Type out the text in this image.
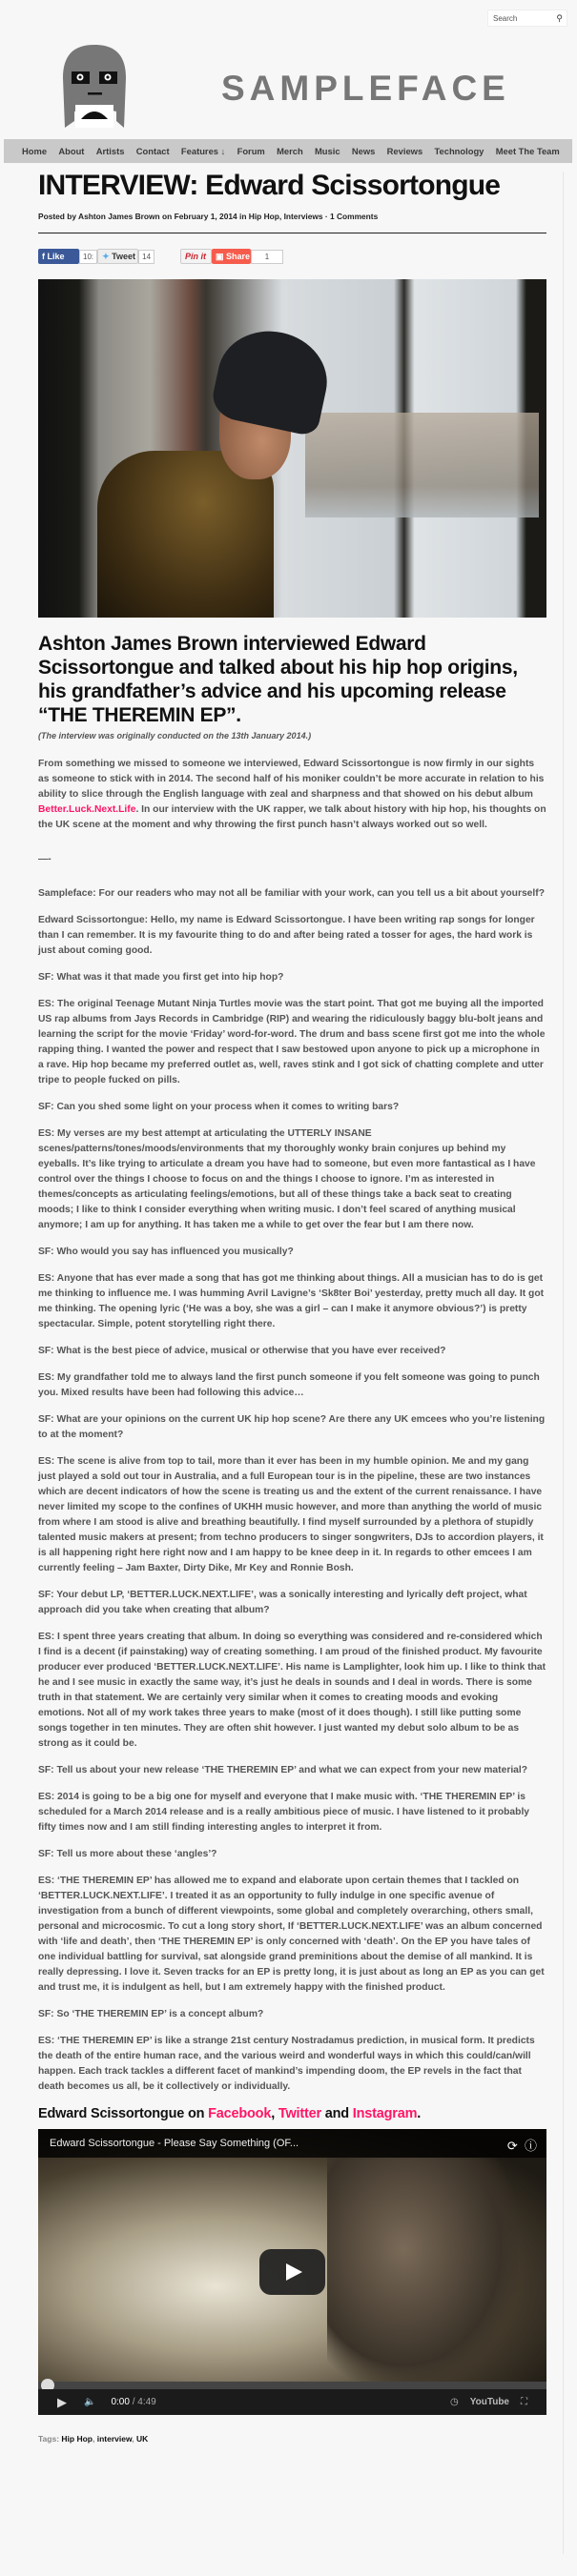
Search	⚲
SAMPLEFACE
Home About Artists Contact Features ↓ Forum Merch Music News Reviews Technology Meet The Team
INTERVIEW: Edward Scissortongue
Posted by Ashton James Brown on February 1, 2014 in Hip Hop, Interviews · 1 Comments
f Like	10:	✦ Tweet 14	Pin it	▣ Share	1
Ashton James Brown interviewed Edward Scissortongue and talked about his hip hop origins, his grandfather’s advice and his upcoming release “THE THEREMIN EP”.
(The interview was originally conducted on the 13th January 2014.)

From something we missed to someone we interviewed, Edward Scissortongue is now firmly in our sights as someone to stick with in 2014. The second half of his moniker couldn’t be more accurate in relation to his ability to slice through the English language with zeal and sharpness and that showed on his debut album Better.Luck.Next.Life. In our interview with the UK rapper, we talk about history with hip hop, his thoughts on the UK scene at the moment and why throwing the first punch hasn’t always worked out so well.

—-

Sampleface: For our readers who may not all be familiar with your work, can you tell us a bit about yourself?

Edward Scissortongue: Hello, my name is Edward Scissortongue. I have been writing rap songs for longer than I can remember. It is my favourite thing to do and after being rated a tosser for ages, the hard work is just about coming good.

SF: What was it that made you first get into hip hop?

ES: The original Teenage Mutant Ninja Turtles movie was the start point. That got me buying all the imported US rap albums from Jays Records in Cambridge (RIP) and wearing the ridiculously baggy blu-bolt jeans and learning the script for the movie ‘Friday’ word-for-word. The drum and bass scene first got me into the whole rapping thing. I wanted the power and respect that I saw bestowed upon anyone to pick up a microphone in a rave. Hip hop became my preferred outlet as, well, raves stink and I got sick of chatting complete and utter tripe to people fucked on pills.

SF: Can you shed some light on your process when it comes to writing bars?

ES: My verses are my best attempt at articulating the UTTERLY INSANE scenes/patterns/tones/moods/environments that my thoroughly wonky brain conjures up behind my eyeballs. It’s like trying to articulate a dream you have had to someone, but even more fantastical as I have control over the things I choose to focus on and the things I choose to ignore. I’m as interested in themes/concepts as articulating feelings/emotions, but all of these things take a back seat to creating moods; I like to think I consider everything when writing music. I don’t feel scared of anything musical anymore; I am up for anything. It has taken me a while to get over the fear but I am there now.

SF: Who would you say has influenced you musically?

ES: Anyone that has ever made a song that has got me thinking about things. All a musician has to do is get me thinking to influence me. I was humming Avril Lavigne’s ‘Sk8ter Boi’ yesterday, pretty much all day. It got me thinking. The opening lyric (‘He was a boy, she was a girl – can I make it anymore obvious?’) is pretty spectacular. Simple, potent storytelling right there.

SF: What is the best piece of advice, musical or otherwise that you have ever received?

ES: My grandfather told me to always land the first punch someone if you felt someone was going to punch you. Mixed results have been had following this advice…

SF: What are your opinions on the current UK hip hop scene? Are there any UK emcees who you’re listening to at the moment?

ES: The scene is alive from top to tail, more than it ever has been in my humble opinion. Me and my gang just played a sold out tour in Australia, and a full European tour is in the pipeline, these are two instances which are decent indicators of how the scene is treating us and the extent of the current renaissance. I have never limited my scope to the confines of UKHH music however, and more than anything the world of music from where I am stood is alive and breathing beautifully. I find myself surrounded by a plethora of stupidly talented music makers at present; from techno producers to singer songwriters, DJs to accordion players, it is all happening right here right now and I am happy to be knee deep in it. In regards to other emcees I am currently feeling – Jam Baxter, Dirty Dike, Mr Key and Ronnie Bosh.

SF: Your debut LP, ‘BETTER.LUCK.NEXT.LIFE’, was a sonically interesting and lyrically deft project, what approach did you take when creating that album?

ES: I spent three years creating that album. In doing so everything was considered and re-considered which I find is a decent (if painstaking) way of creating something. I am proud of the finished product. My favourite producer ever produced ‘BETTER.LUCK.NEXT.LIFE’. His name is Lamplighter, look him up. I like to think that he and I see music in exactly the same way, it’s just he deals in sounds and I deal in words. There is some truth in that statement. We are certainly very similar when it comes to creating moods and evoking emotions. Not all of my work takes three years to make (most of it does though). I still like putting some songs together in ten minutes. They are often shit however. I just wanted my debut solo album to be as strong as it could be.

SF: Tell us about your new release ‘THE THEREMIN EP’ and what we can expect from your new material?

ES: 2014 is going to be a big one for myself and everyone that I make music with. ‘THE THEREMIN EP’ is scheduled for a March 2014 release and is a really ambitious piece of music. I have listened to it probably fifty times now and I am still finding interesting angles to interpret it from.

SF: Tell us more about these ‘angles’?

ES: ‘THE THEREMIN EP’ has allowed me to expand and elaborate upon certain themes that I tackled on ‘BETTER.LUCK.NEXT.LIFE’. I treated it as an opportunity to fully indulge in one specific avenue of investigation from a bunch of different viewpoints, some global and completely overarching, others small, personal and microcosmic. To cut a long story short, If ‘BETTER.LUCK.NEXT.LIFE’ was an album concerned with ‘life and death’, then ‘THE THEREMIN EP’ is only concerned with ‘death’. On the EP you have tales of one individual battling for survival, sat alongside grand preminitions about the demise of all mankind. It is really depressing. I love it. Seven tracks for an EP is pretty long, it is just about as long an EP as you can get and trust me, it is indulgent as hell, but I am extremely happy with the finished product.

SF: So ‘THE THEREMIN EP’ is a concept album?

ES: ‘THE THEREMIN EP’ is like a strange 21st century Nostradamus prediction, in musical form. It predicts the death of the entire human race, and the various weird and wonderful ways in which this could/can/will happen. Each track tackles a different facet of mankind’s impending doom, the EP revels in the fact that death becomes us all, be it collectively or individually.

Edward Scissortongue on Facebook, Twitter and Instagram.
Edward Scissortongue - Please Say Something (OF...	⟳ ⓘ
▶ 🔈 0:00 / 4:49	◷ YouTube ⛶
Tags: Hip Hop, interview, UK
